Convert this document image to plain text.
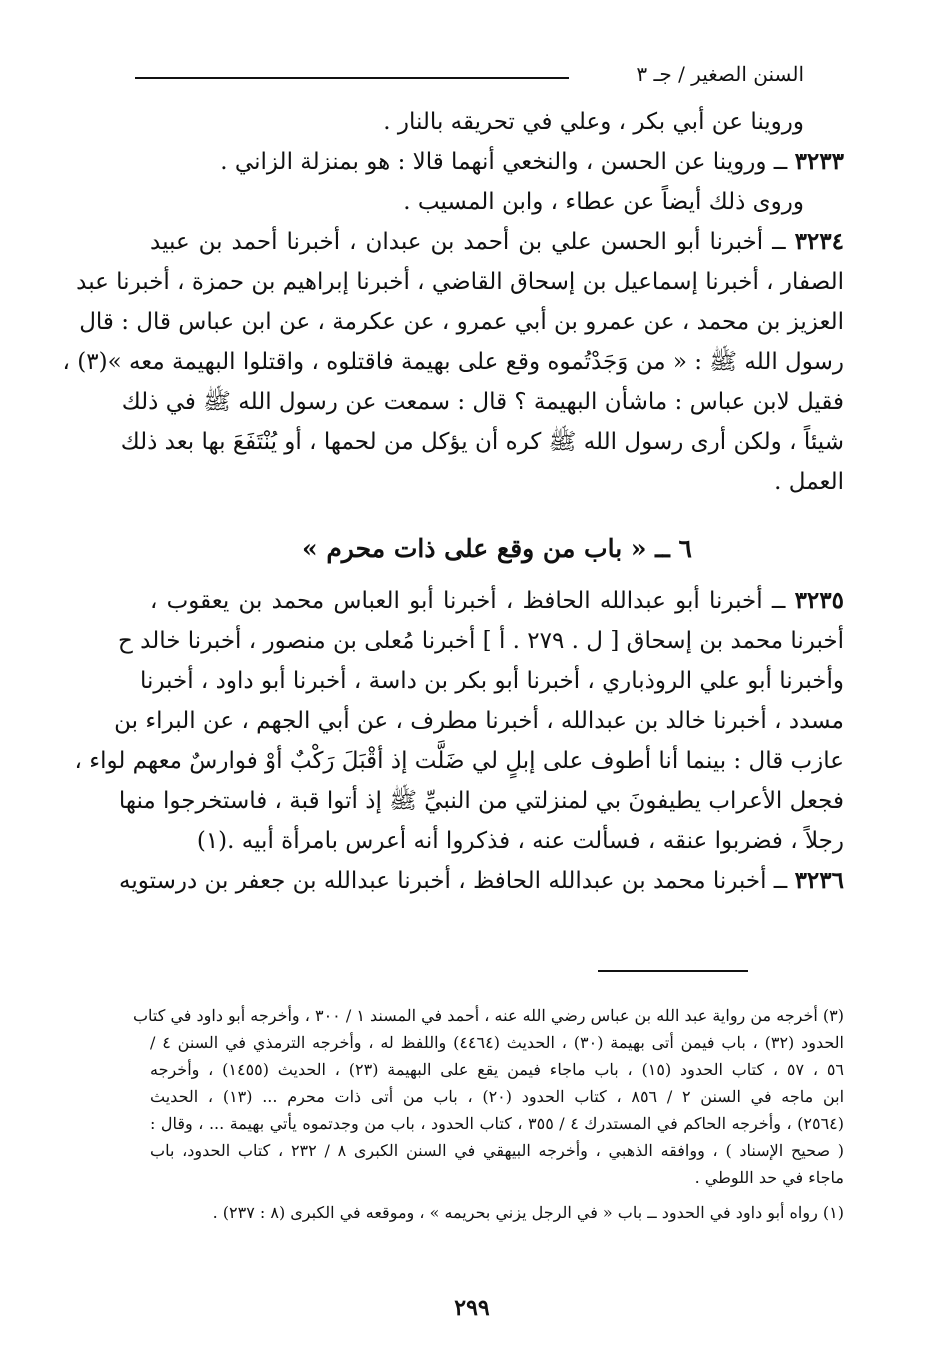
السنن الصغير / جـ ٣
وروينا عن أبي بكر ، وعلي في تحريقه بالنار .
٣٢٣٣ ــ وروينا عن الحسن ، والنخعي أنهما قالا : هو بمنزلة الزاني .
وروى ذلك أيضاً عن عطاء ، وابن المسيب .
٣٢٣٤ ــ أخبرنا أبو الحسن علي بن أحمد بن عبدان ، أخبرنا أحمد بن عبيد
الصفار ، أخبرنا إسماعيل بن إسحاق القاضي ، أخبرنا إبراهيم بن حمزة ، أخبرنا عبد
العزيز بن محمد ، عن عمرو بن أبي عمرو ، عن عكرمة ، عن ابن عباس قال : قال
رسول الله ﷺ : « من وَجَدْتُموه وقع على بهيمة فاقتلوه ، واقتلوا البهيمة معه »(٣) ،
فقيل لابن عباس : ماشأن البهيمة ؟ قال : سمعت عن رسول الله ﷺ في ذلك
شيئاً ، ولكن أرى رسول الله ﷺ كره أن يؤكل من لحمها ، أو يُنْتَفَعَ بها بعد ذلك
العمل .
٦ ــ « باب من وقع على ذات محرم »
٣٢٣٥ ــ أخبرنا أبو عبدالله الحافظ ، أخبرنا أبو العباس محمد بن يعقوب ،
أخبرنا محمد بن إسحاق [ ل . ٢٧٩ . أ ] أخبرنا مُعلى بن منصور ، أخبرنا خالد ح
وأخبرنا أبو علي الروذباري ، أخبرنا أبو بكر بن داسة ، أخبرنا أبو داود ، أخبرنا
مسدد ، أخبرنا خالد بن عبدالله ، أخبرنا مطرف ، عن أبي الجهم ، عن البراء بن
عازب قال : بينما أنا أطوف على إبلٍ لي ضَلَّت إذ أقْبَلَ رَكْبٌ أوْ فوارسٌ معهم لواء ،
فجعل الأعراب يطيفونَ بي لمنزلتي من النبيِّ ﷺ إذ أتوا قبة ، فاستخرجوا منها
رجلاً ، فضربوا عنقه ، فسألت عنه ، فذكروا أنه أعرس بامرأة أبيه .(١)
٣٢٣٦ ــ أخبرنا محمد بن عبدالله الحافظ ، أخبرنا عبدالله بن جعفر بن درستويه
(٣) أخرجه من رواية عبد الله بن عباس رضي الله عنه ، أحمد في المسند ١ / ٣٠٠ ، وأخرجه أبو داود في كتاب
الحدود (٣٢) ، باب فيمن أتى بهيمة (٣٠) ، الحديث (٤٤٦٤) واللفظ له ، وأخرجه الترمذي في السنن ٤ /
٥٦ ، ٥٧ ، كتاب الحدود (١٥) ، باب ماجاء فيمن يقع على البهيمة (٢٣) ، الحديث (١٤٥٥) ، وأخرجه
ابن ماجه في السنن ٢ / ٨٥٦ ، كتاب الحدود (٢٠) ، باب من أتى ذات محرم ... (١٣) ، الحديث
(٢٥٦٤) ، وأخرجه الحاكم في المستدرك ٤ / ٣٥٥ ، كتاب الحدود ، باب من وجدتموه يأتي بهيمة ... ، وقال :
( صحيح الإسناد ) ، ووافقه الذهبي ، وأخرجه البيهقي في السنن الكبرى ٨ / ٢٣٢ ، كتاب الحدود، باب
ماجاء في حد اللوطي .
(١) رواه أبو داود في الحدود ــ باب « في الرجل يزني بحريمه » ، وموقعه في الكبرى (٨ : ٢٣٧) .
٢٩٩
